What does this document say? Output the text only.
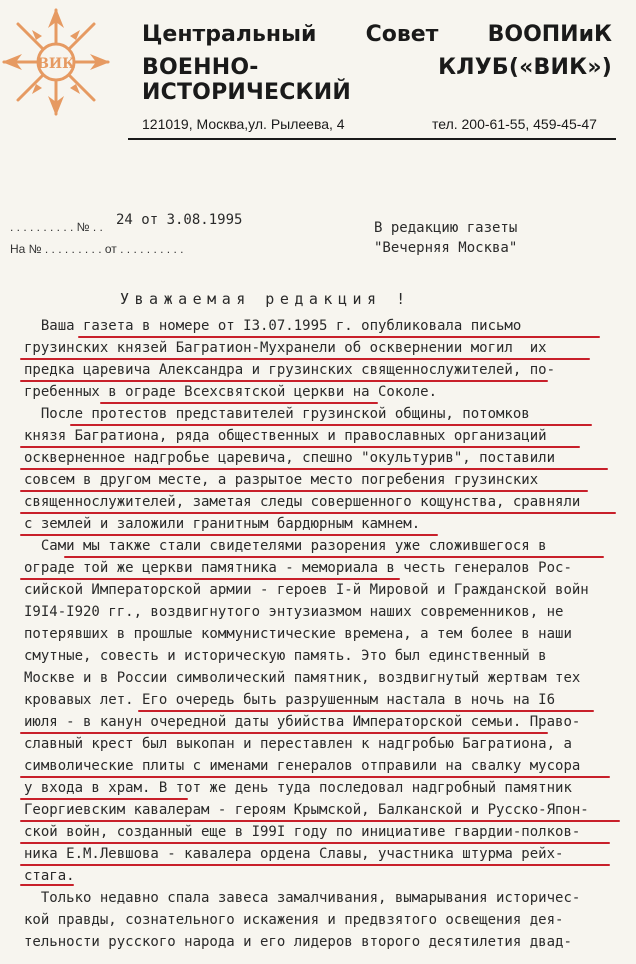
ВИК
Центральный Совет ВООПИиК
ВОЕННО-ИСТОРИЧЕСКИЙ
КЛУБ («ВИК»)
121019, Москва,ул. Рылеева, 4	тел. 200-61-55, 459-45-47
. . . . . . . . . . № . . 24 от 3.08.1995
На № . . . . . . . . . от . . . . . . . . . .
В редакцию газеты
"Вечерняя Москва"
Уважаемая редакция !
Ваша газета в номере от I3.07.1995 г. опубликовала письмо
грузинских князей Багратион-Мухранели об осквернении могил  их
предка царевича Александра и грузинских священнослужителей, по-
гребенных в ограде Всехсвятской церкви на Соколе.
После протестов представителей грузинской общины, потомков
князя Багратиона, ряда общественных и православных организаций
оскверненное надгробье царевича, спешно "окультурив", поставили
совсем в другом месте, а разрытое место погребения грузинских
священнослужителей, заметая следы совершенного кощунства, сравняли
с землей и заложили гранитным бардюрным камнем.
Сами мы также стали свидетелями разорения уже сложившегося в
ограде той же церкви памятника - мемориала в честь генералов Рос-
сийской Императорской армии - героев I-й Мировой и Гражданской войн
I9I4-I920 гг., воздвигнутого энтузиазмом наших современников, не
потерявших в прошлые коммунистические времена, а тем более в наши
смутные, совесть и историческую память. Это был единственный в
Москве и в России символический памятник, воздвигнутый жертвам тех
кровавых лет. Его очередь быть разрушенным настала в ночь на I6
июля - в канун очередной даты убийства Императорской семьи. Право-
славный крест был выкопан и переставлен к надгробью Багратиона, а
символические плиты с именами генералов отправили на свалку мусора
у входа в храм. В тот же день туда последовал надгробный памятник
Георгиевским кавалерам - героям Крымской, Балканской и Русско-Япон-
ской войн, созданный еще в I99I году по инициативе гвардии-полков-
ника Е.М.Левшова - кавалера ордена Славы, участника штурма рейх-
стага.
Только недавно спала завеса замалчивания, вымарывания историчес-
кой правды, сознательного искажения и предвзятого освещения дея-
тельности русского народа и его лидеров второго десятилетия двад-
